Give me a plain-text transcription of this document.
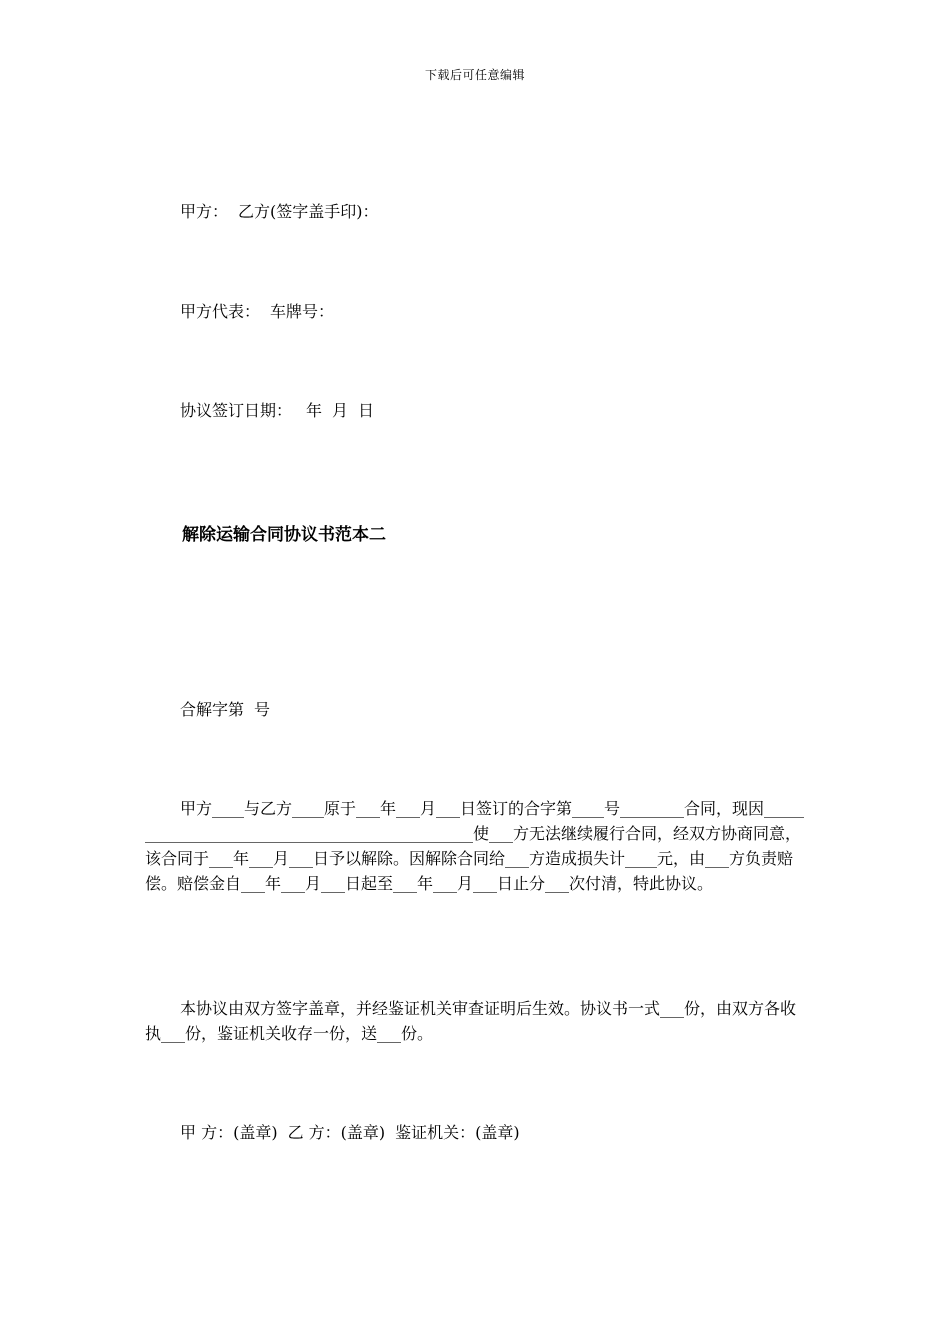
下载后可任意编辑
甲方： 乙方(签字盖手印)：
甲方代表： 车牌号：
协议签订日期： 年 月 日
解除运输合同协议书范本二
合解字第 号
甲方____与乙方____原于___年___月___日签订的合字第____号________合同，现因______________________________________________使___方无法继续履行合同，经双方协商同意，该合同于___年___月___日予以解除。因解除合同给___方造成损失计____元，由___方负责赔偿。赔偿金自___年___月___日起至___年___月___日止分___次付清，特此协议。
本协议由双方签字盖章，并经鉴证机关审查证明后生效。协议书一式___份，由双方各收执___份，鉴证机关收存一份，送___份。
甲 方：(盖章) 乙 方：(盖章) 鉴证机关：(盖章)
